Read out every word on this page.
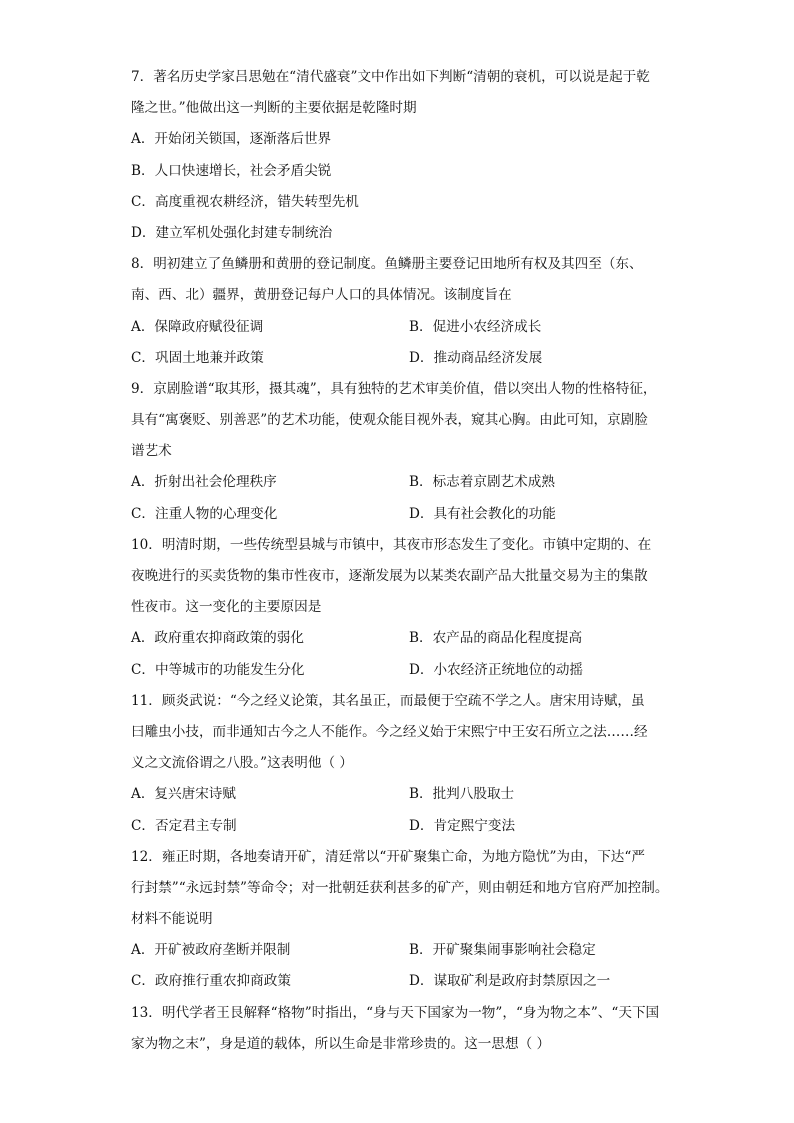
7．著名历史学家吕思勉在“清代盛衰”文中作出如下判断“清朝的衰机，可以说是起于乾
隆之世。”他做出这一判断的主要依据是乾隆时期
A．开始闭关锁国，逐渐落后世界
B．人口快速增长，社会矛盾尖锐
C．高度重视农耕经济，错失转型先机
D．建立军机处强化封建专制统治
8．明初建立了鱼鳞册和黄册的登记制度。鱼鳞册主要登记田地所有权及其四至（东、
南、西、北）疆界，黄册登记每户人口的具体情况。该制度旨在
A．保障政府赋役征调	B．促进小农经济成长
C．巩固土地兼并政策	D．推动商品经济发展
9．京剧脸谱“取其形，摄其魂”，具有独特的艺术审美价值，借以突出人物的性格特征，
具有“寓褒贬、别善恶”的艺术功能，使观众能目视外表，窥其心胸。由此可知，京剧脸
谱艺术
A．折射出社会伦理秩序	B．标志着京剧艺术成熟
C．注重人物的心理变化	D．具有社会教化的功能
10．明清时期，一些传统型县城与市镇中，其夜市形态发生了变化。市镇中定期的、在
夜晚进行的买卖货物的集市性夜市，逐渐发展为以某类农副产品大批量交易为主的集散
性夜市。这一变化的主要原因是
A．政府重农抑商政策的弱化	B．农产品的商品化程度提高
C．中等城市的功能发生分化	D．小农经济正统地位的动摇
11．顾炎武说：“今之经义论策，其名虽正，而最便于空疏不学之人。唐宋用诗赋，虽
曰雕虫小技，而非通知古今之人不能作。今之经义始于宋熙宁中王安石所立之法……经
义之文流俗谓之八股。”这表明他（ ）
A．复兴唐宋诗赋	B．批判八股取士
C．否定君主专制	D．肯定熙宁变法
12．雍正时期，各地奏请开矿，清廷常以“开矿聚集亡命，为地方隐忧”为由，下达“严
行封禁”“永远封禁”等命令；对一批朝廷获利甚多的矿产，则由朝廷和地方官府严加控制。
材料不能说明
A．开矿被政府垄断并限制	B．开矿聚集闹事影响社会稳定
C．政府推行重农抑商政策	D．谋取矿利是政府封禁原因之一
13．明代学者王艮解释“格物”时指出，“身与天下国家为一物”，“身为物之本”、“天下国
家为物之末”，身是道的载体，所以生命是非常珍贵的。这一思想（ ）
